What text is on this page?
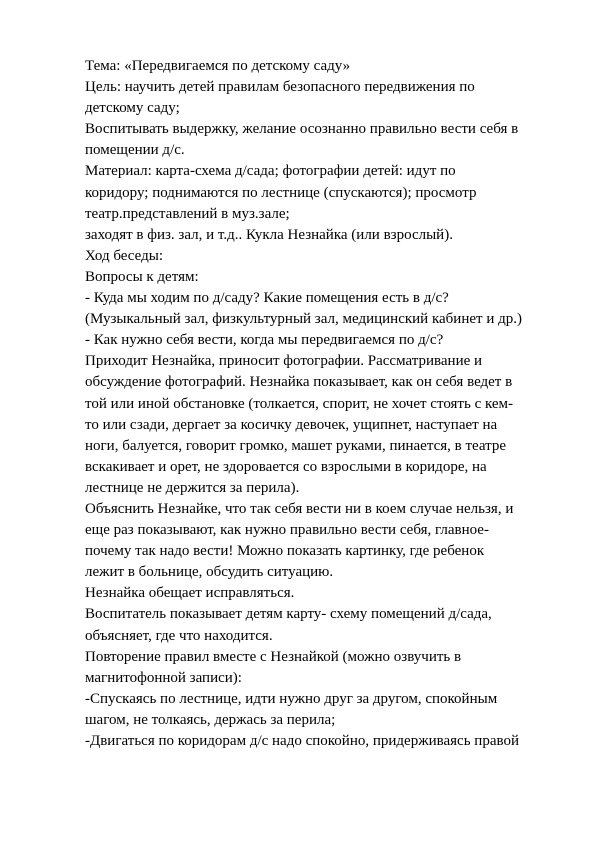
Тема: «Передвигаемся по детскому саду»
Цель: научить детей правилам безопасного передвижения по
детскому саду;
Воспитывать выдержку, желание осознанно правильно вести себя в
помещении д/с.
Материал: карта-схема д/сада; фотографии детей: идут по
коридору; поднимаются по лестнице (спускаются); просмотр
театр.представлений в муз.зале;
заходят в физ. зал, и т.д.. Кукла Незнайка (или взрослый).
Ход беседы:
Вопросы к детям:
- Куда мы ходим по д/саду? Какие помещения есть в д/с?
(Музыкальный зал, физкультурный зал, медицинский кабинет и др.)
- Как нужно себя вести, когда мы передвигаемся по д/с?
Приходит Незнайка, приносит фотографии. Рассматривание и
обсуждение фотографий. Незнайка показывает, как он себя ведет в
той или иной обстановке (толкается, спорит, не хочет стоять с кем-
то или сзади, дергает за косичку девочек, ущипнет, наступает на
ноги, балуется, говорит громко, машет руками, пинается, в театре
вскакивает и орет, не здоровается со взрослыми в коридоре, на
лестнице не держится за перила).
Объяснить Незнайке, что так себя вести ни в коем случае нельзя, и
еще раз показывают, как нужно правильно вести себя, главное-
почему так надо вести! Можно показать картинку, где ребенок
лежит в больнице, обсудить ситуацию.
Незнайка обещает исправляться.
Воспитатель показывает детям карту- схему помещений д/сада,
объясняет, где что находится.
Повторение правил вместе с Незнайкой (можно озвучить в
магнитофонной записи):
-Спускаясь по лестнице, идти нужно друг за другом, спокойным
шагом, не толкаясь, держась за перила;
-Двигаться по коридорам д/с надо спокойно, придерживаясь правой
